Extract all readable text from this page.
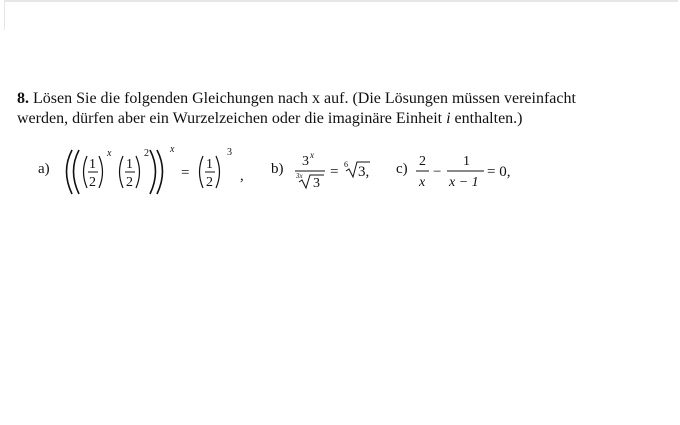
8. Lösen Sie die folgenden Gleichungen nach x auf. (Die Lösungen müssen vereinfacht
werden, dürfen aber ein Wurzelzeichen oder die imaginäre Einheit i enthalten.)
a)	1
2
x
1
2
2 x
=
1
2
3
, b) 3 x
3x 3
= 6 3, c) 2
x
−
1
x − 1
= 0,
